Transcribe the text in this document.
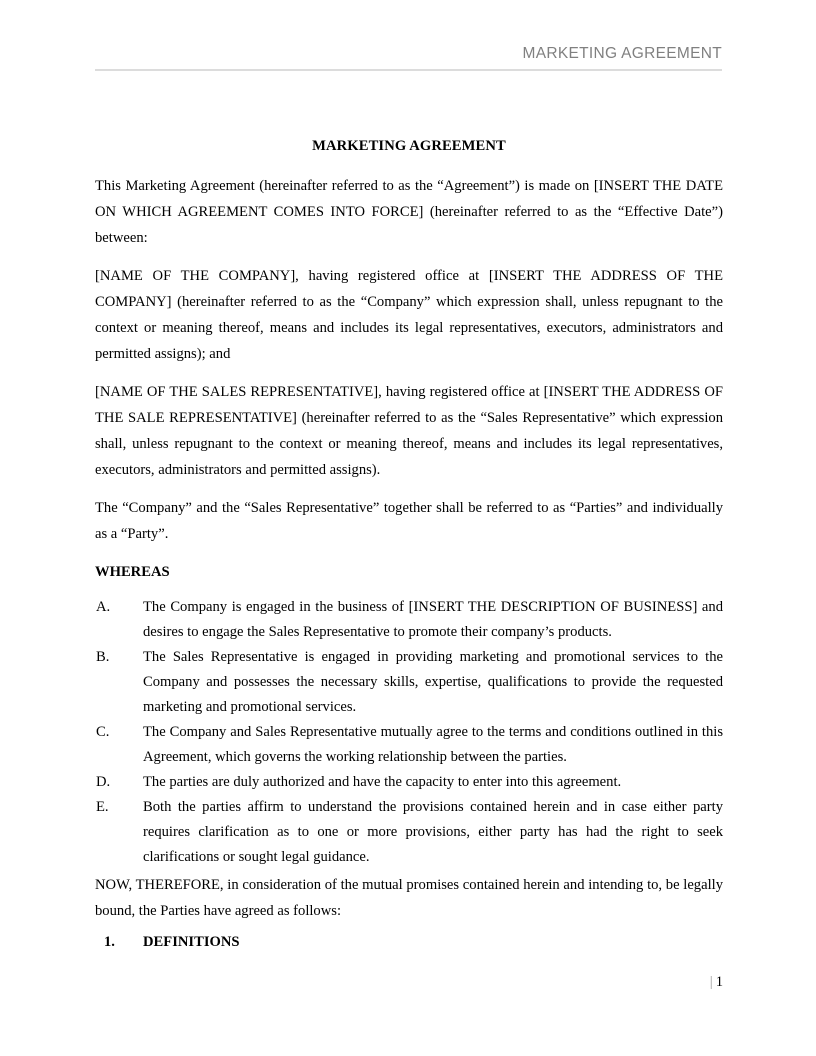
MARKETING AGREEMENT
MARKETING AGREEMENT

This Marketing Agreement (hereinafter referred to as the “Agreement”) is made on [INSERT THE DATE ON WHICH AGREEMENT COMES INTO FORCE] (hereinafter referred to as the “Effective Date”) between:

[NAME OF THE COMPANY], having registered office at [INSERT THE ADDRESS OF THE COMPANY] (hereinafter referred to as the “Company” which expression shall, unless repugnant to the context or meaning thereof, means and includes its legal representatives, executors, administrators and permitted assigns); and

[NAME OF THE SALES REPRESENTATIVE], having registered office at [INSERT THE ADDRESS OF THE SALE REPRESENTATIVE] (hereinafter referred to as the “Sales Representative” which expression shall, unless repugnant to the context or meaning thereof, means and includes its legal representatives, executors, administrators and permitted assigns).

The “Company” and the “Sales Representative” together shall be referred to as “Parties” and individually as a “Party”.

WHEREAS
A.	The Company is engaged in the business of [INSERT THE DESCRIPTION OF BUSINESS] and desires to engage the Sales Representative to promote their company’s products.
B.	The Sales Representative is engaged in providing marketing and promotional services to the Company and possesses the necessary skills, expertise, qualifications to provide the requested marketing and promotional services.
C.	The Company and Sales Representative mutually agree to the terms and conditions outlined in this Agreement, which governs the working relationship between the parties.
D.	The parties are duly authorized and have the capacity to enter into this agreement.
E.	Both the parties affirm to understand the provisions contained herein and in case either party requires clarification as to one or more provisions, either party has had the right to seek clarifications or sought legal guidance.

NOW, THEREFORE, in consideration of the mutual promises contained herein and intending to, be legally bound, the Parties have agreed as follows:

1. DEFINITIONS
| 1
